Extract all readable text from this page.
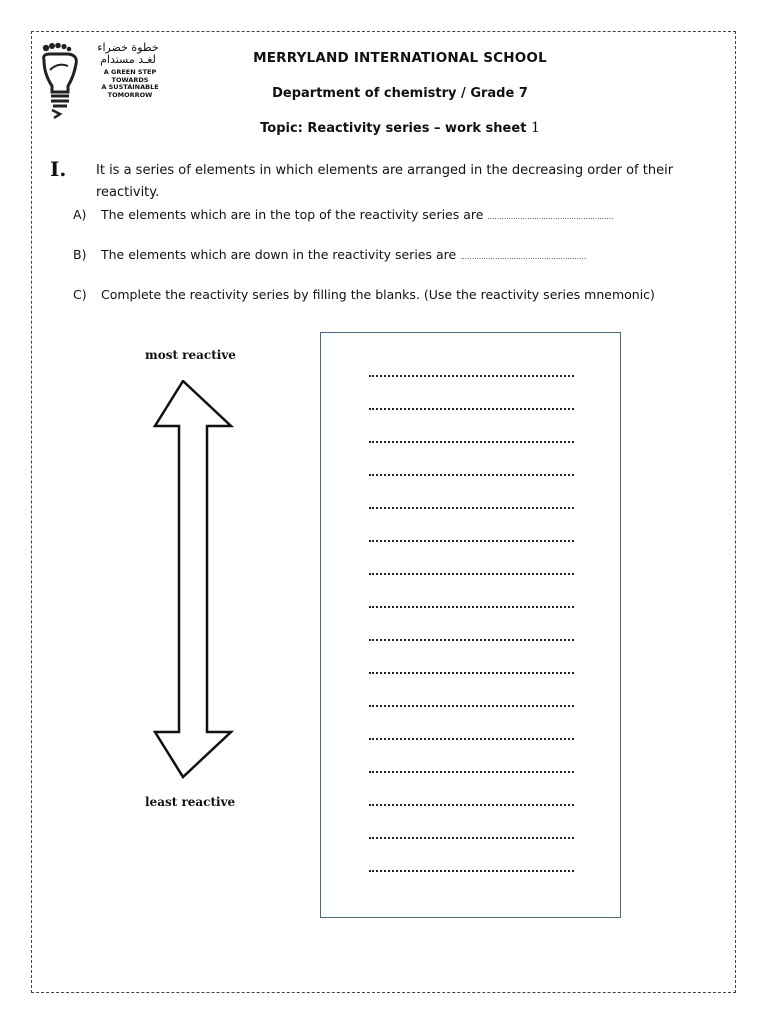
خطوة خضراء
لغـد مستدام
A GREEN STEP
TOWARDS
A SUSTAINABLE
TOMORROW
MERRYLAND INTERNATIONAL SCHOOL
Department of chemistry / Grade 7
Topic: Reactivity series – work sheet 1
I. It is a series of elements in which elements are arranged in the decreasing order of their reactivity.
A) The elements which are in the top of the reactivity series are ………………………………………………
B) The elements which are down in the reactivity series are ………………………………………………
C) Complete the reactivity series by filling the blanks. (Use the reactivity series mnemonic)
most reactive
least reactive
